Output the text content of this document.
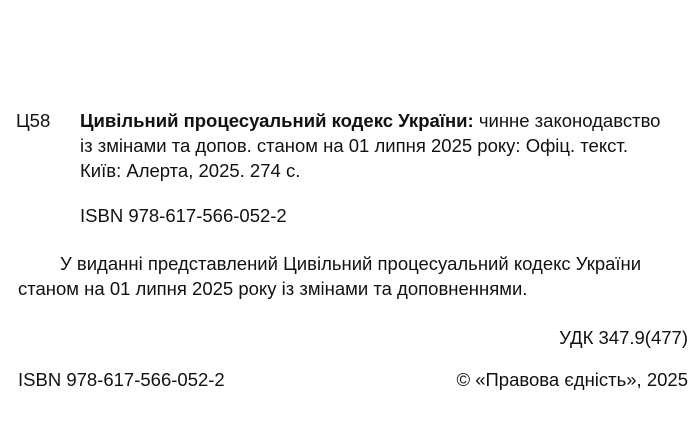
Ц58 Цивільний процесуальний кодекс України: чинне законодавство
із змінами та допов. станом на 01 липня 2025 року: Офіц. текст.
Київ: Алерта, 2025. 274 с.
ISBN 978-617-566-052-2
У виданні представлений Цивільний процесуальний кодекс України
станом на 01 липня 2025 року із змінами та доповненнями.
УДК 347.9(477)
ISBN 978-617-566-052-2	© «Правова єдність», 2025
